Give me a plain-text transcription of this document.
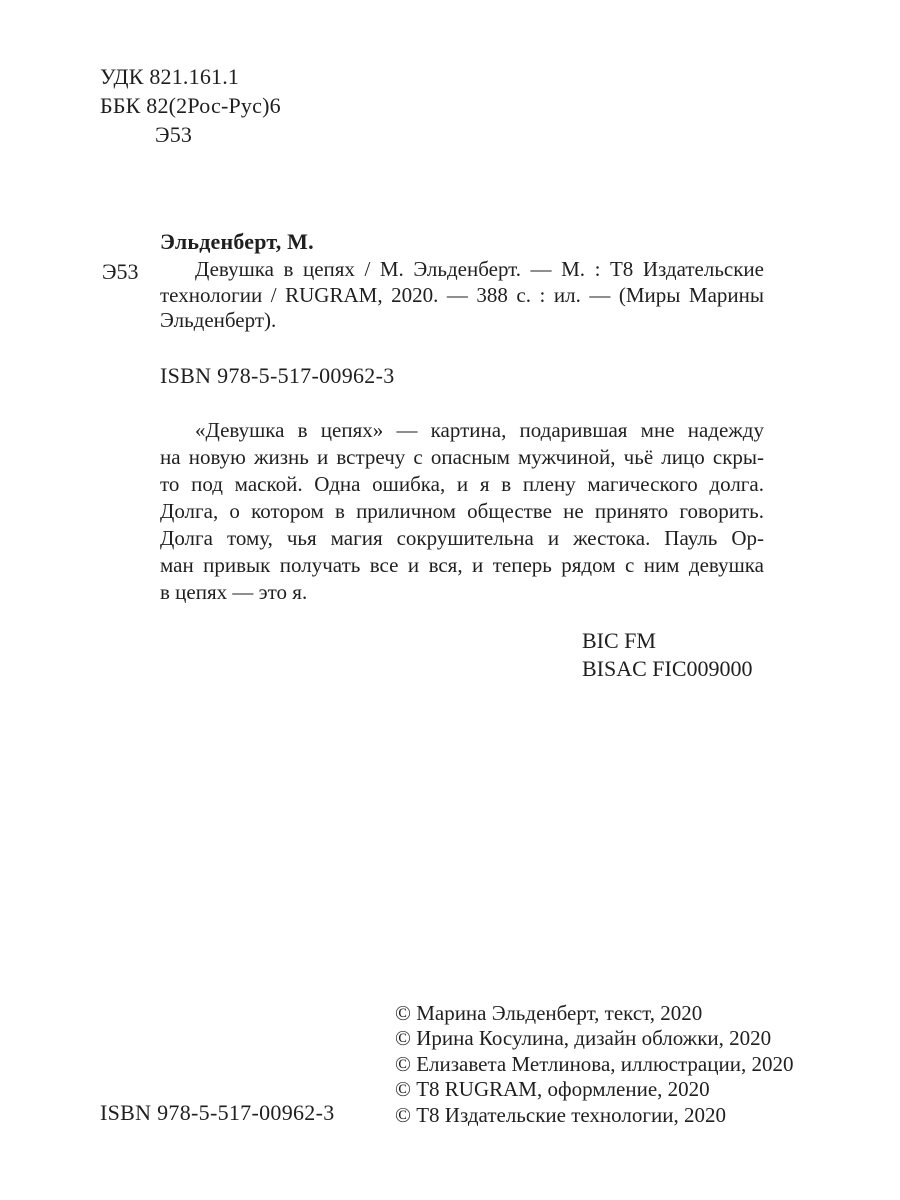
УДК 821.161.1
ББК 82(2Рос-Рус)6
Э53
Эльденберт, М.
Э53	Девушка в цепях / М. Эльденберт. — М. : Т8 Издательские
технологии / RUGRAM, 2020. — 388 с. : ил. — (Миры Марины
Эльденберт).
ISBN 978-5-517-00962-3
«Девушка в цепях» — картина, подарившая мне надежду
на новую жизнь и встречу с опасным мужчиной, чьё лицо скры-
то под маской. Одна ошибка, и я в плену магического долга.
Долга, о котором в приличном обществе не принято говорить.
Долга тому, чья магия сокрушительна и жестока. Пауль Ор-
ман привык получать все и вся, и теперь рядом с ним девушка
в цепях — это я.
BIC FM
BISAC FIC009000
© Марина Эльденберт, текст, 2020
© Ирина Косулина, дизайн обложки, 2020
© Елизавета Метлинова, иллюстрации, 2020
© Т8 RUGRAM, оформление, 2020
© Т8 Издательские технологии, 2020
ISBN 978-5-517-00962-3
